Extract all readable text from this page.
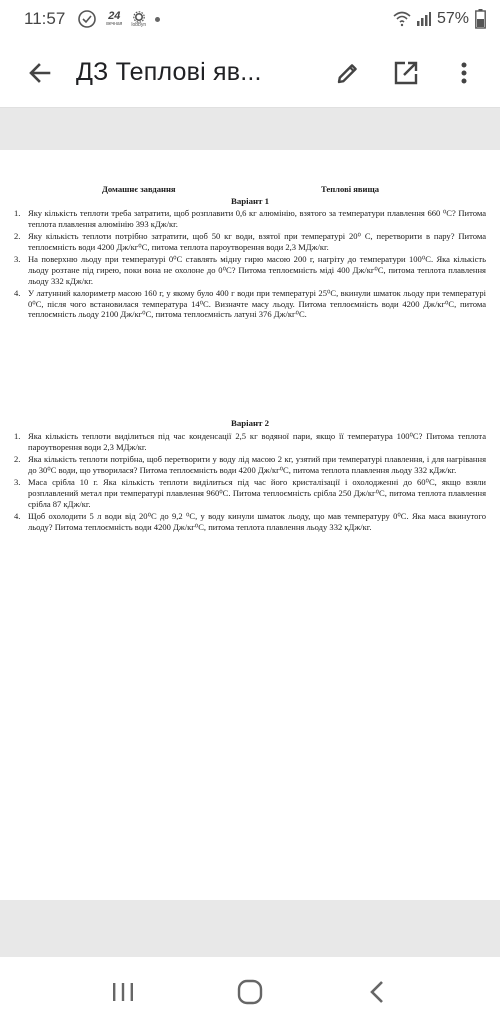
11:57	24
вечная lobbyn	57%
ДЗ Теплові яв...
Домашнє завдання	Теплові явища
Варіант 1
1. Яку кількість теплоти треба затратити, щоб розплавити 0,6 кг алюмінію, взятого за температури плавлення 660 ⁰С? Питома теплота плавлення алюмінію 393 кДж/кг.
2. Яку кількість теплоти потрібно затратити, щоб 50 кг води, взятої при температурі 20⁰ С, перетворити в пару? Питома теплоємність води 4200 Дж/кг⁰С, питома теплота пароутворення води 2,3 МДж/кг.
3. На поверхню льоду при температурі 0⁰С ставлять мідну гирю масою 200 г, нагріту до температури 100⁰С. Яка кількість льоду розтане під гирею, поки вона не охолоне до 0⁰С? Питома теплоємність міді 400 Дж/кг⁰С, питома теплота плавлення льоду 332 кДж/кг.
4. У латунний калориметр масою 160 г, у якому було 400 г води при температурі 25⁰С, вкинули шматок льоду при температурі 0⁰С, після чого встановилася температура 14⁰С. Визначте масу льоду. Питома теплоємність води 4200 Дж/кг⁰С, питома теплоємність льоду 2100 Дж/кг⁰С, питома теплоємність латуні 376 Дж/кг⁰С.
Варіант 2
1. Яка кількість теплоти виділиться під час конденсації 2,5 кг водяної пари, якщо її температура 100⁰С? Питома теплота пароутворення води 2,3 МДж/кг.
2. Яка кількість теплоти потрібна, щоб перетворити у воду лід масою 2 кг, узятий при температурі плавлення, і для нагрівання до 30⁰С води, що утворилася? Питома теплоємність води 4200 Дж/кг⁰С, питома теплота плавлення льоду 332 кДж/кг.
3. Маса срібла 10 г. Яка кількість теплоти виділиться під час його кристалізації і охолодженні до 60⁰С, якщо взяли розплавлений метал при температурі плавлення 960⁰С. Питома теплоємність срібла 250 Дж/кг⁰С, питома теплота плавлення срібла 87 кДж/кг.
4. Щоб охолодити 5 л води від 20⁰С до 9,2 ⁰С, у воду кинули шматок льоду, що мав температуру 0⁰С. Яка маса вкинутого льоду? Питома теплоємність води 4200 Дж/кг⁰С, питома теплота плавлення льоду 332 кДж/кг.
